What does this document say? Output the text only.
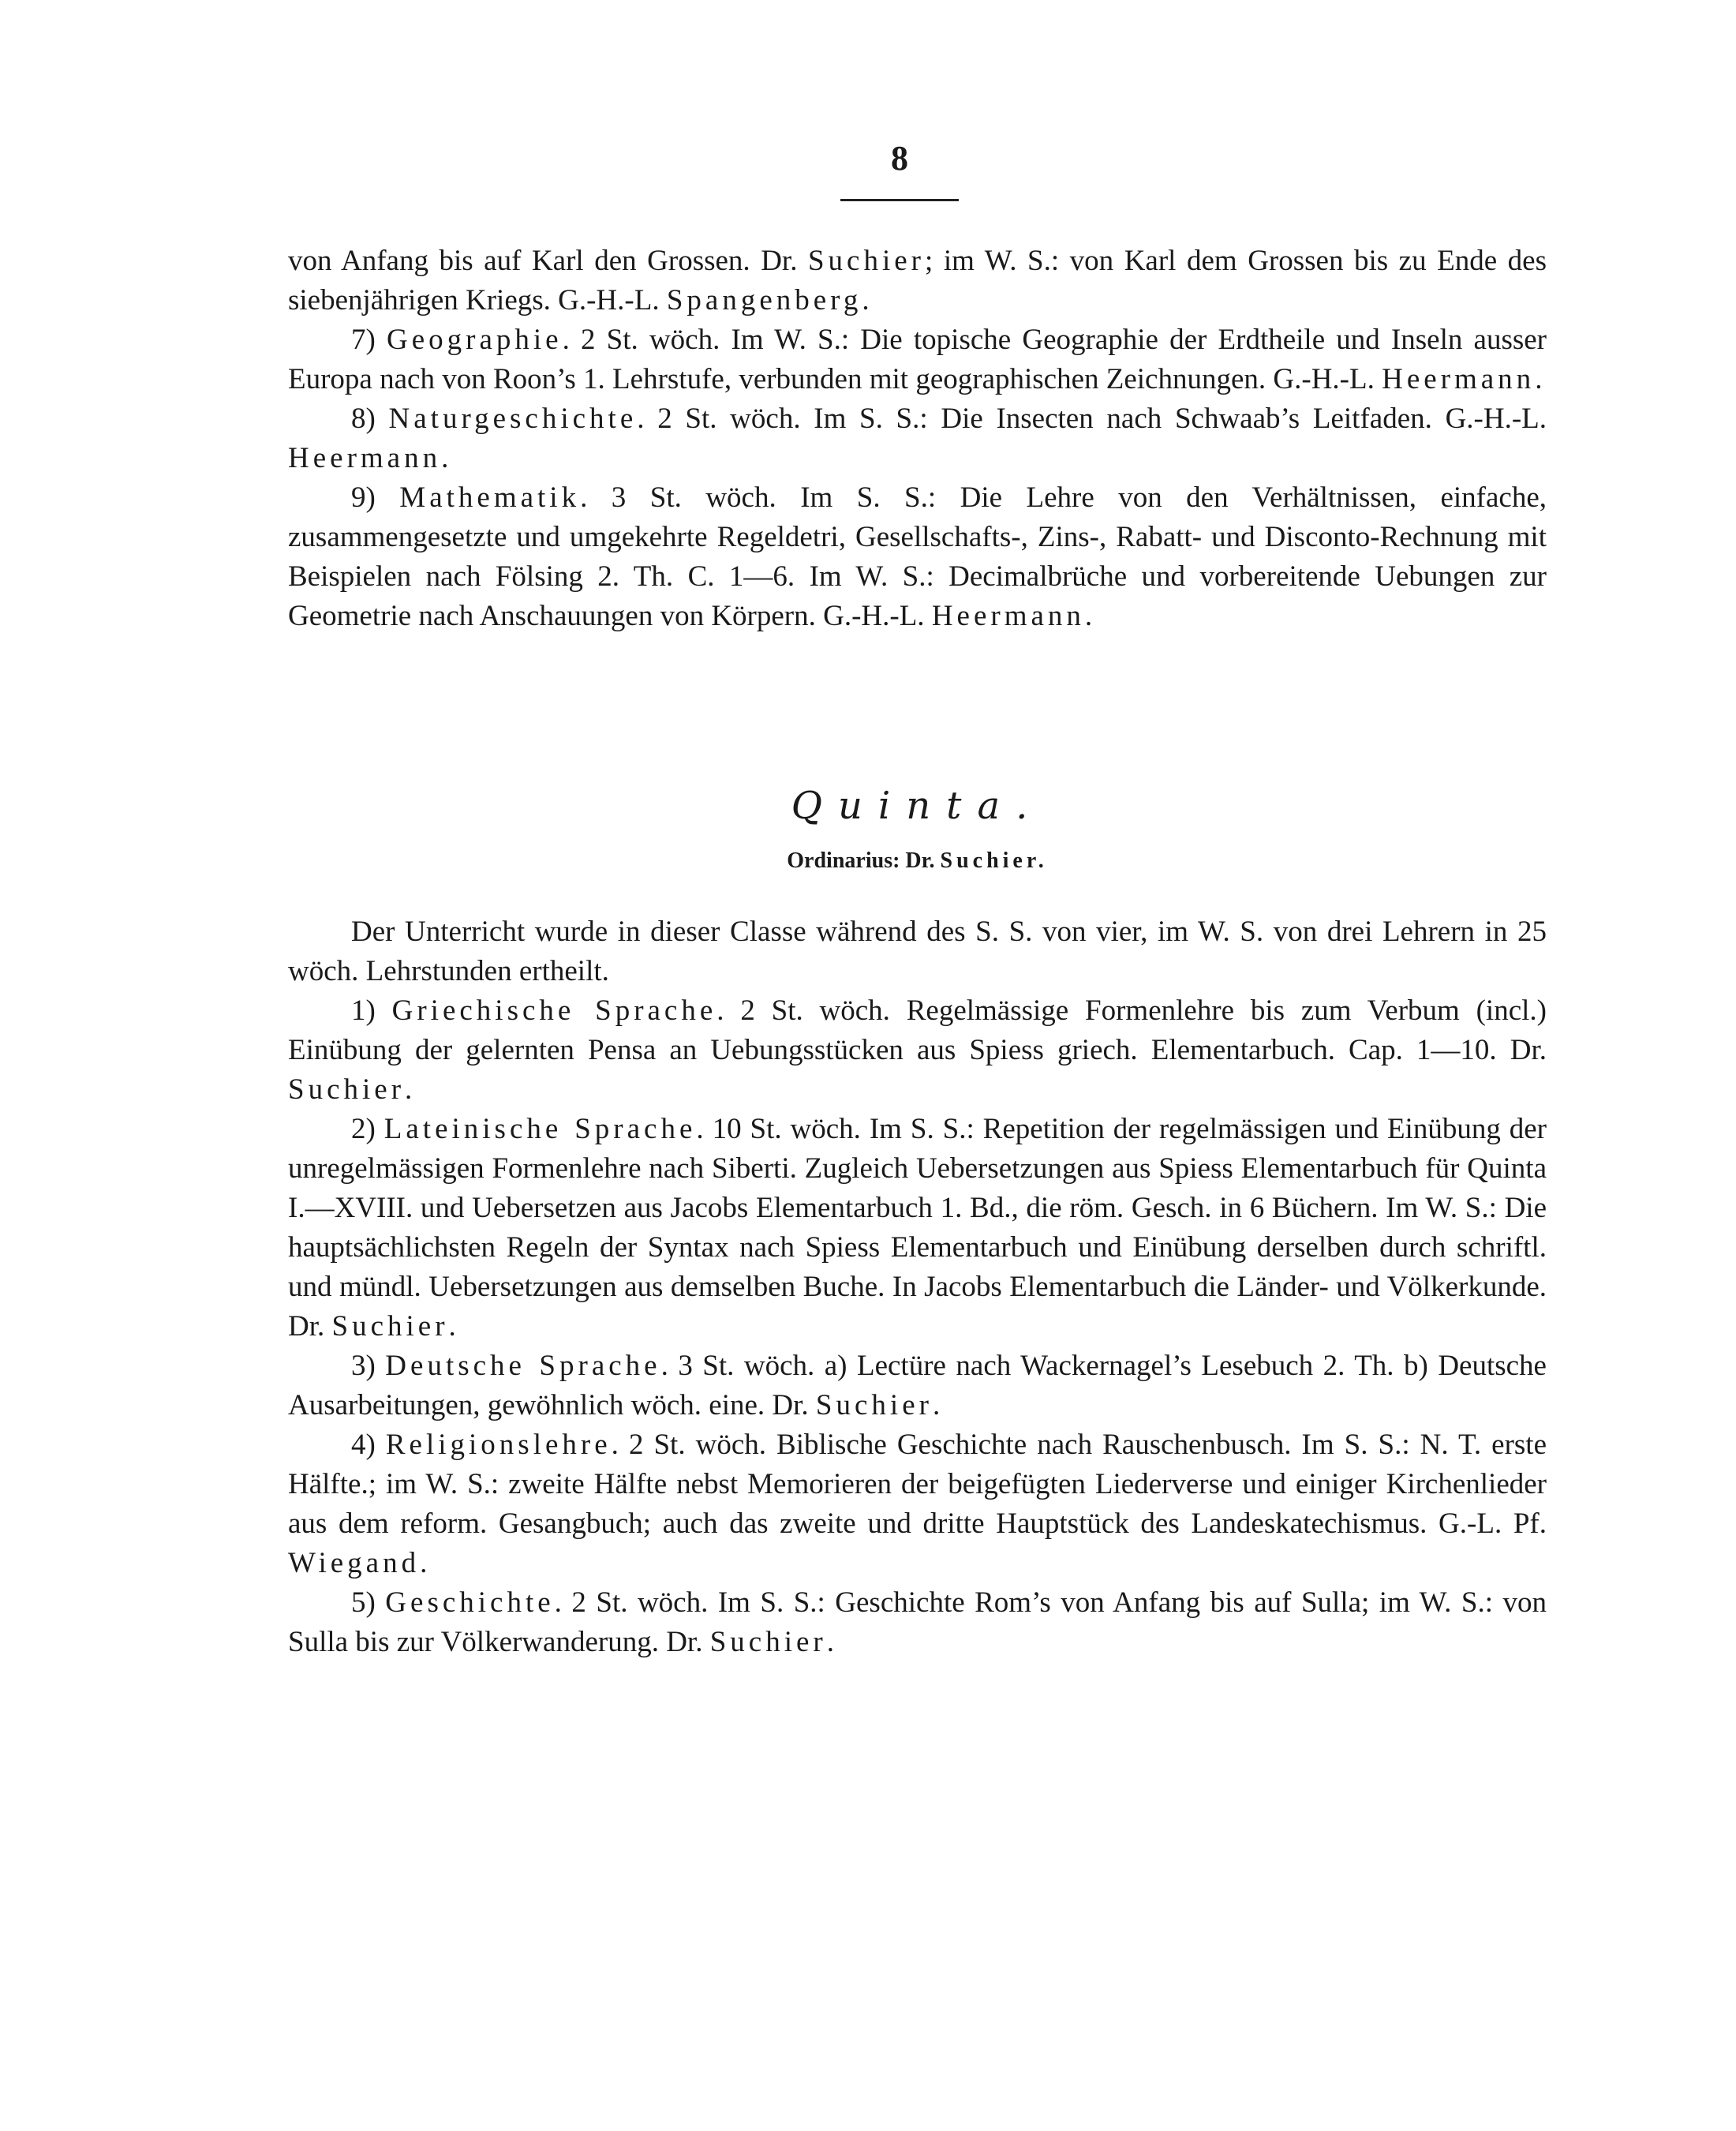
8

von Anfang bis auf Karl den Grossen. Dr. Suchier; im W. S.: von Karl dem Grossen bis zu Ende des siebenjährigen Kriegs. G.-H.-L. Spangenberg.

7) Geographie. 2 St. wöch. Im W. S.: Die topische Geographie der Erdtheile und Inseln ausser Europa nach von Roon’s 1. Lehrstufe, verbunden mit geographischen Zeichnungen. G.-H.-L. Heermann.

8) Naturgeschichte. 2 St. wöch. Im S. S.: Die Insecten nach Schwaab’s Leitfaden. G.-H.-L. Heermann.

9) Mathematik. 3 St. wöch. Im S. S.: Die Lehre von den Verhältnissen, einfache, zusammengesetzte und umgekehrte Regeldetri, Gesellschafts-, Zins-, Rabatt- und Disconto-Rechnung mit Beispielen nach Fölsing 2. Th. C. 1—6. Im W. S.: Decimalbrüche und vorbereitende Uebungen zur Geometrie nach Anschauungen von Körpern. G.-H.-L. Heermann.

Quinta.
Ordinarius: Dr. Suchier.

Der Unterricht wurde in dieser Classe während des S. S. von vier, im W. S. von drei Lehrern in 25 wöch. Lehrstunden ertheilt.

1) Griechische Sprache. 2 St. wöch. Regelmässige Formenlehre bis zum Verbum (incl.) Einübung der gelernten Pensa an Uebungsstücken aus Spiess griech. Elementarbuch. Cap. 1—10. Dr. Suchier.

2) Lateinische Sprache. 10 St. wöch. Im S. S.: Repetition der regelmässigen und Einübung der unregelmässigen Formenlehre nach Siberti. Zugleich Uebersetzungen aus Spiess Elementarbuch für Quinta I.—XVIII. und Uebersetzen aus Jacobs Elementarbuch 1. Bd., die röm. Gesch. in 6 Büchern. Im W. S.: Die hauptsächlichsten Regeln der Syntax nach Spiess Elementarbuch und Einübung derselben durch schriftl. und mündl. Uebersetzungen aus demselben Buche. In Jacobs Elementarbuch die Länder- und Völkerkunde. Dr. Suchier.

3) Deutsche Sprache. 3 St. wöch. a) Lectüre nach Wackernagel’s Lesebuch 2. Th. b) Deutsche Ausarbeitungen, gewöhnlich wöch. eine. Dr. Suchier.

4) Religionslehre. 2 St. wöch. Biblische Geschichte nach Rauschenbusch. Im S. S.: N. T. erste Hälfte.; im W. S.: zweite Hälfte nebst Memorieren der beigefügten Liederverse und einiger Kirchenlieder aus dem reform. Gesangbuch; auch das zweite und dritte Hauptstück des Landeskatechismus. G.-L. Pf. Wiegand.

5) Geschichte. 2 St. wöch. Im S. S.: Geschichte Rom’s von Anfang bis auf Sulla; im W. S.: von Sulla bis zur Völkerwanderung. Dr. Suchier.
